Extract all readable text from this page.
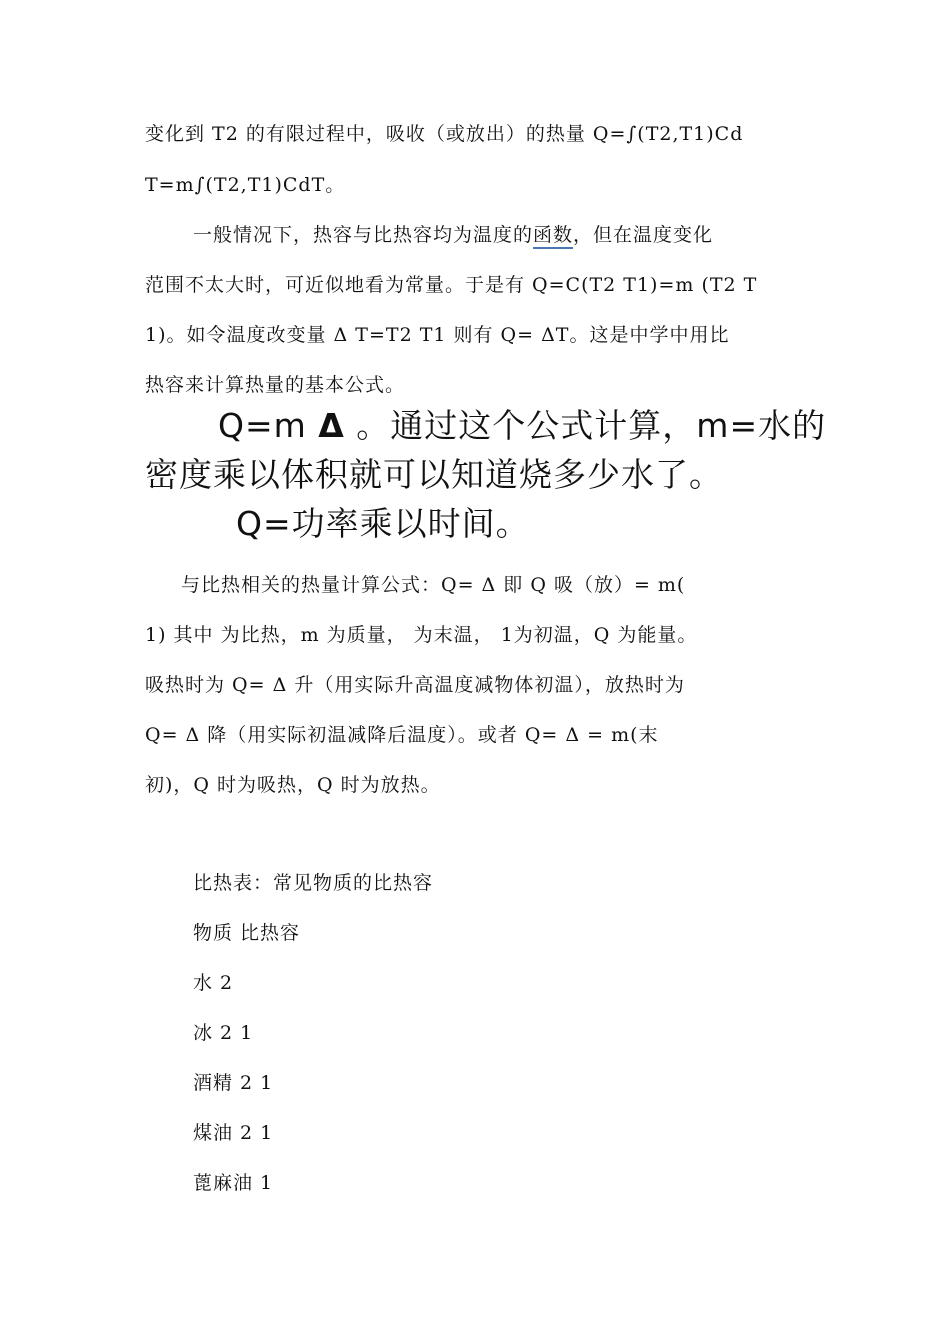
变化到 T2 的有限过程中，吸收（或放出）的热量 Q=∫(T2,T1)Cd
T=m∫(T2,T1)CdT。
一般情况下，热容与比热容均为温度的函数，但在温度变化
范围不太大时，可近似地看为常量。于是有 Q=C(T2 T1)=m (T2 T
1)。如令温度改变量 Δ T=T2 T1 则有 Q= ΔT。这是中学中用比
热容来计算热量的基本公式。
Q=m Δ 。通过这个公式计算，m=水的
密度乘以体积就可以知道烧多少水了。
Q=功率乘以时间。
与比热相关的热量计算公式：Q= Δ 即 Q 吸（放）= m(
1) 其中 为比热，m 为质量， 为末温， 1为初温，Q 为能量。
吸热时为 Q= Δ 升（用实际升高温度减物体初温），放热时为
Q= Δ 降（用实际初温减降后温度）。或者 Q= Δ = m(末
初)，Q 时为吸热，Q 时为放热。
比热表：常见物质的比热容
物质 比热容
水 2
冰 2 1
酒精 2 1
煤油 2 1
蓖麻油 1
